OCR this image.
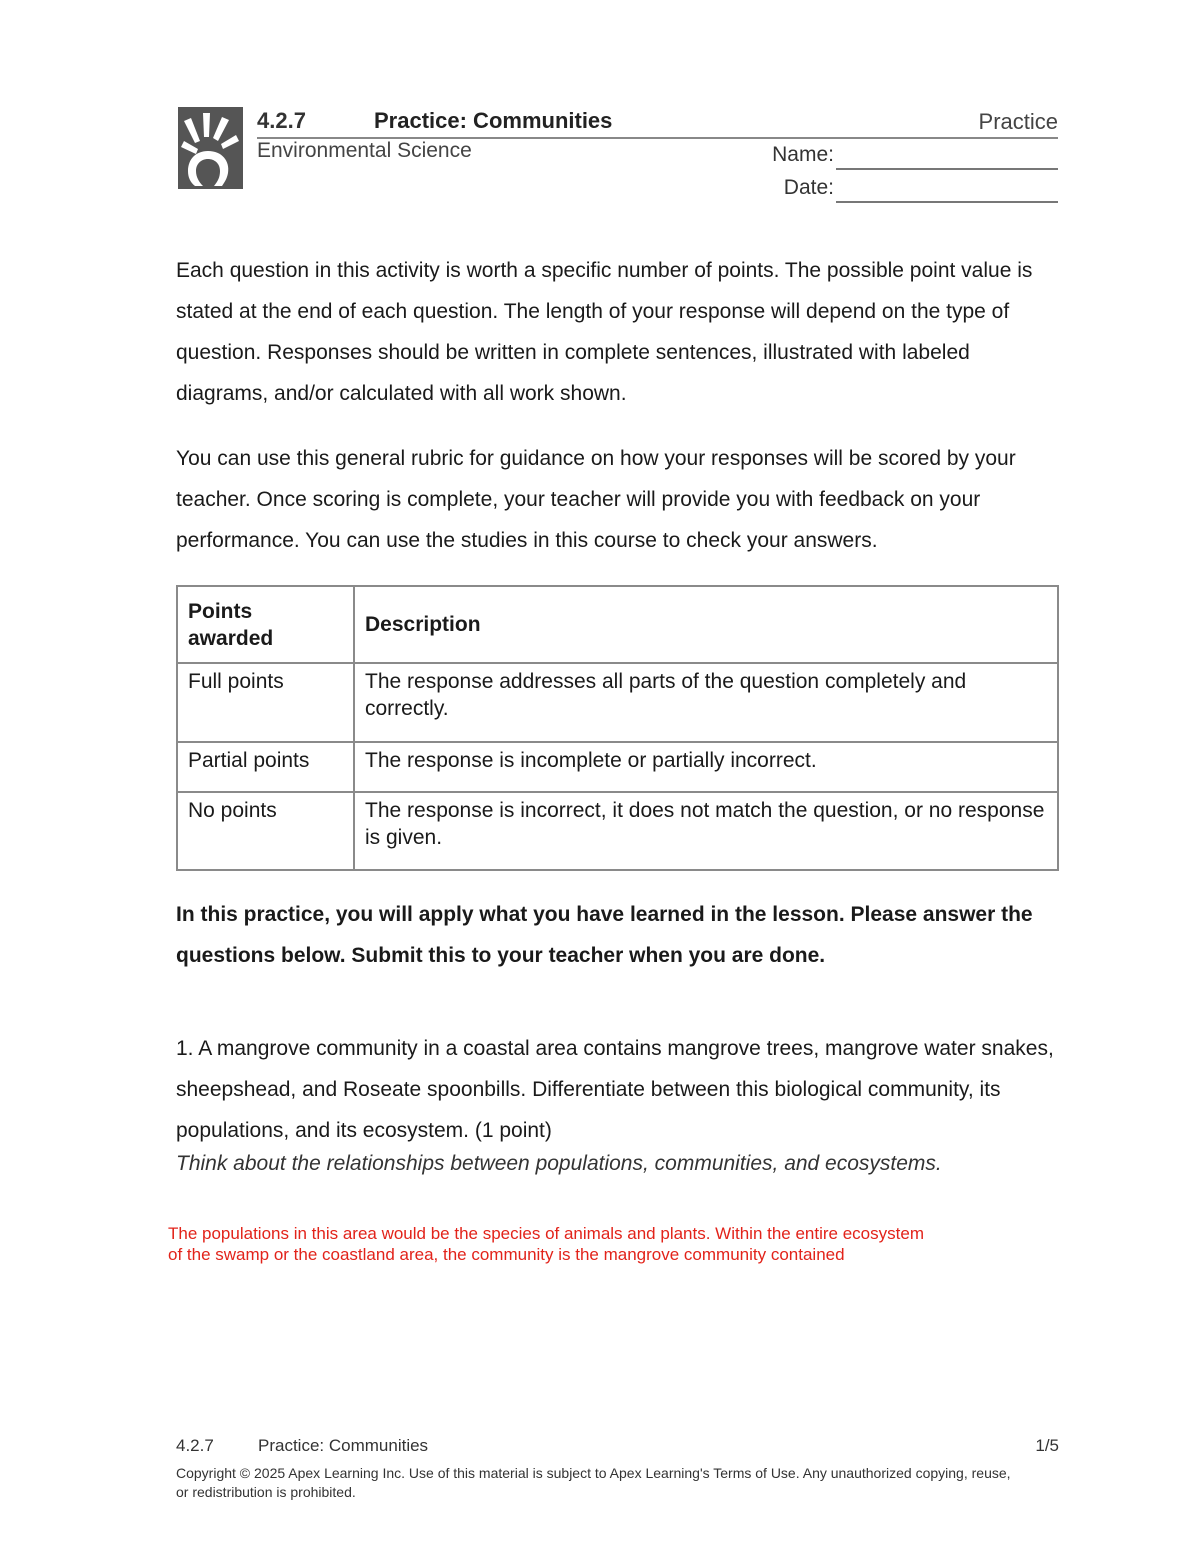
4.2.7	Practice: Communities	Practice
Environmental Science	Name:
Date:

Each question in this activity is worth a specific number of points. The possible point value is stated at the end of each question. The length of your response will depend on the type of question. Responses should be written in complete sentences, illustrated with labeled diagrams, and/or calculated with all work shown.

You can use this general rubric for guidance on how your responses will be scored by your teacher. Once scoring is complete, your teacher will provide you with feedback on your performance. You can use the studies in this course to check your answers.

Points awarded	Description
Full points	The response addresses all parts of the question completely and correctly.
Partial points	The response is incomplete or partially incorrect.
No points	The response is incorrect, it does not match the question, or no response is given.

In this practice, you will apply what you have learned in the lesson. Please answer the questions below. Submit this to your teacher when you are done.

1. A mangrove community in a coastal area contains mangrove trees, mangrove water snakes, sheepshead, and Roseate spoonbills. Differentiate between this biological community, its populations, and its ecosystem. (1 point)

Think about the relationships between populations, communities, and ecosystems.

The populations in this area would be the species of animals and plants. Within the entire ecosystem of the swamp or the coastland area, the community is the mangrove community contained

4.2.7	Practice: Communities	1/5

Copyright © 2025 Apex Learning Inc. Use of this material is subject to Apex Learning's Terms of Use. Any unauthorized copying, reuse, or redistribution is prohibited.
